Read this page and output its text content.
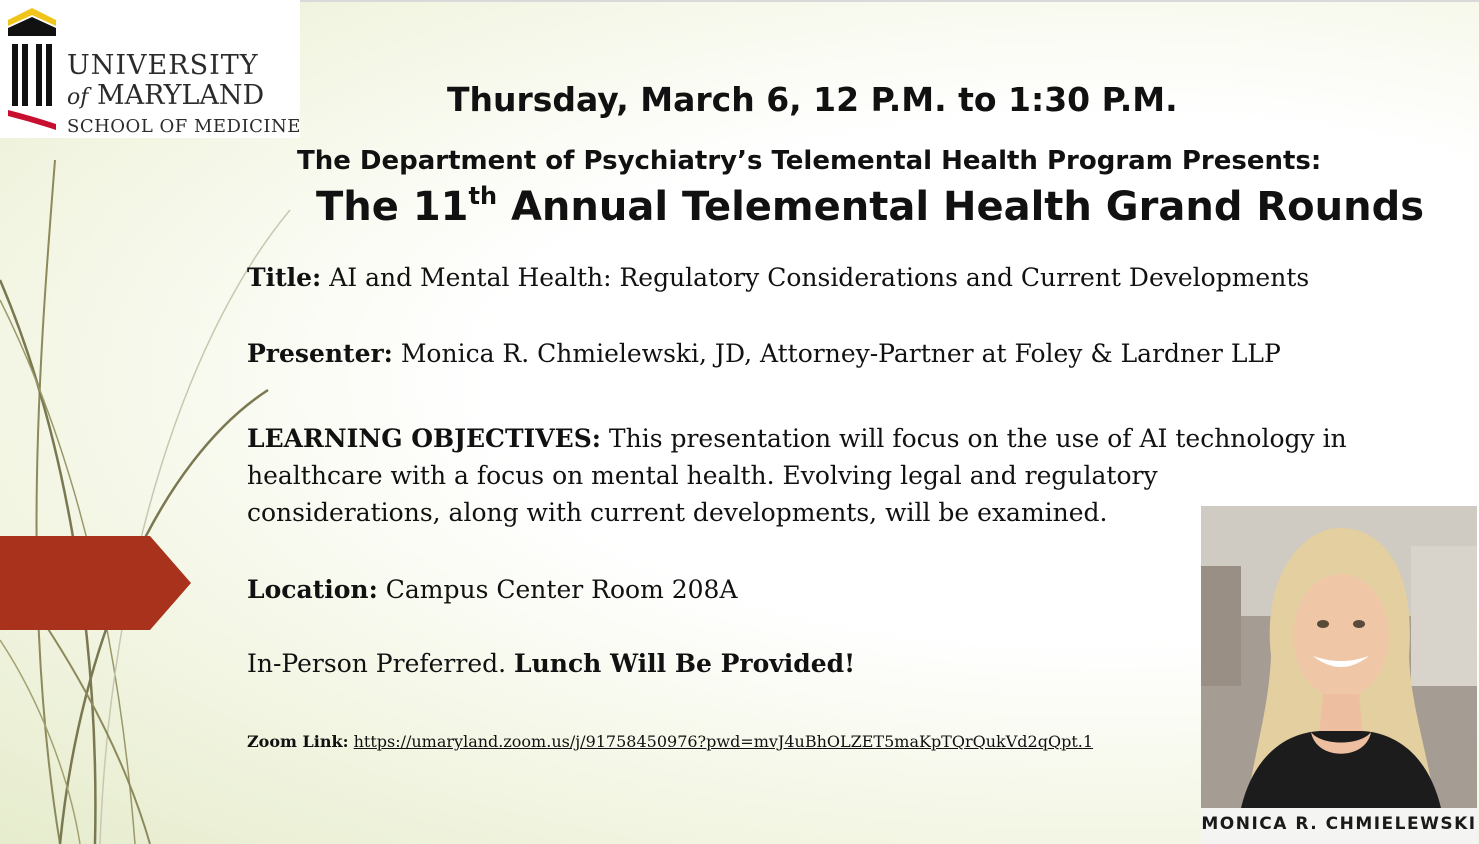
UNIVERSITY
of MARYLAND
SCHOOL OF MEDICINE
Thursday, March 6, 12 P.M. to 1:30 P.M.
The Department of Psychiatry’s Telemental Health Program Presents:
The 11th Annual Telemental Health Grand Rounds
Title: AI and Mental Health: Regulatory Considerations and Current Developments
Presenter: Monica R. Chmielewski, JD, Attorney-Partner at Foley & Lardner LLP
LEARNING OBJECTIVES: This presentation will focus on the use of AI technology in healthcare with a focus on mental health. Evolving legal and regulatory considerations, along with current developments, will be examined.
Location: Campus Center Room 208A
In-Person Preferred. Lunch Will Be Provided!
Zoom Link: https://umaryland.zoom.us/j/91758450976?pwd=mvJ4uBhOLZET5maKpTQrQukVd2qQpt.1
MONICA R. CHMIELEWSKI
